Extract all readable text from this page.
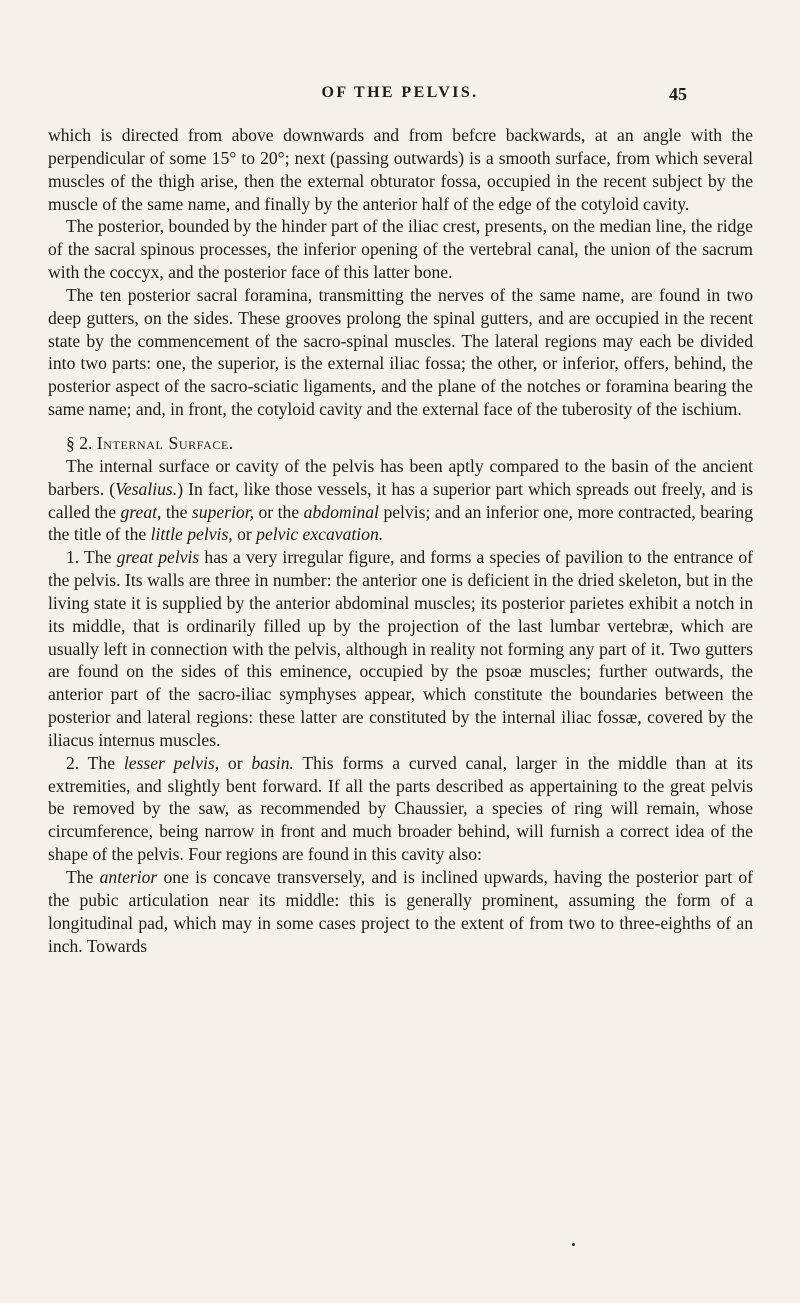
OF THE PELVIS.	45

which is directed from above downwards and from befcre backwards, at an angle with the perpendicular of some 15° to 20°; next (passing outwards) is a smooth surface, from which several muscles of the thigh arise, then the external obturator fossa, occupied in the recent subject by the muscle of the same name, and finally by the anterior half of the edge of the cotyloid cavity.

The posterior, bounded by the hinder part of the iliac crest, presents, on the median line, the ridge of the sacral spinous processes, the inferior opening of the vertebral canal, the union of the sacrum with the coccyx, and the posterior face of this latter bone.

The ten posterior sacral foramina, transmitting the nerves of the same name, are found in two deep gutters, on the sides. These grooves prolong the spinal gutters, and are occupied in the recent state by the commencement of the sacro-spinal muscles. The lateral regions may each be divided into two parts: one, the superior, is the external iliac fossa; the other, or inferior, offers, behind, the posterior aspect of the sacro-sciatic ligaments, and the plane of the notches or foramina bearing the same name; and, in front, the cotyloid cavity and the external face of the tuberosity of the ischium.

§ 2. Internal Surface.

The internal surface or cavity of the pelvis has been aptly compared to the basin of the ancient barbers. (Vesalius.) In fact, like those vessels, it has a superior part which spreads out freely, and is called the great, the superior, or the abdominal pelvis; and an inferior one, more contracted, bearing the title of the little pelvis, or pelvic excavation.

1. The great pelvis has a very irregular figure, and forms a species of pavilion to the entrance of the pelvis. Its walls are three in number: the anterior one is deficient in the dried skeleton, but in the living state it is supplied by the anterior abdominal muscles; its posterior parietes exhibit a notch in its middle, that is ordinarily filled up by the projection of the last lumbar vertebræ, which are usually left in connection with the pelvis, although in reality not forming any part of it. Two gutters are found on the sides of this eminence, occupied by the psoæ muscles; further outwards, the anterior part of the sacro-iliac symphyses appear, which constitute the boundaries between the posterior and lateral regions: these latter are constituted by the internal iliac fossæ, covered by the iliacus internus muscles.

2. The lesser pelvis, or basin. This forms a curved canal, larger in the middle than at its extremities, and slightly bent forward. If all the parts described as appertaining to the great pelvis be removed by the saw, as recommended by Chaussier, a species of ring will remain, whose circumference, being narrow in front and much broader behind, will furnish a correct idea of the shape of the pelvis. Four regions are found in this cavity also:

The anterior one is concave transversely, and is inclined upwards, having the posterior part of the pubic articulation near its middle: this is generally prominent, assuming the form of a longitudinal pad, which may in some cases project to the extent of from two to three-eighths of an inch. Towards
